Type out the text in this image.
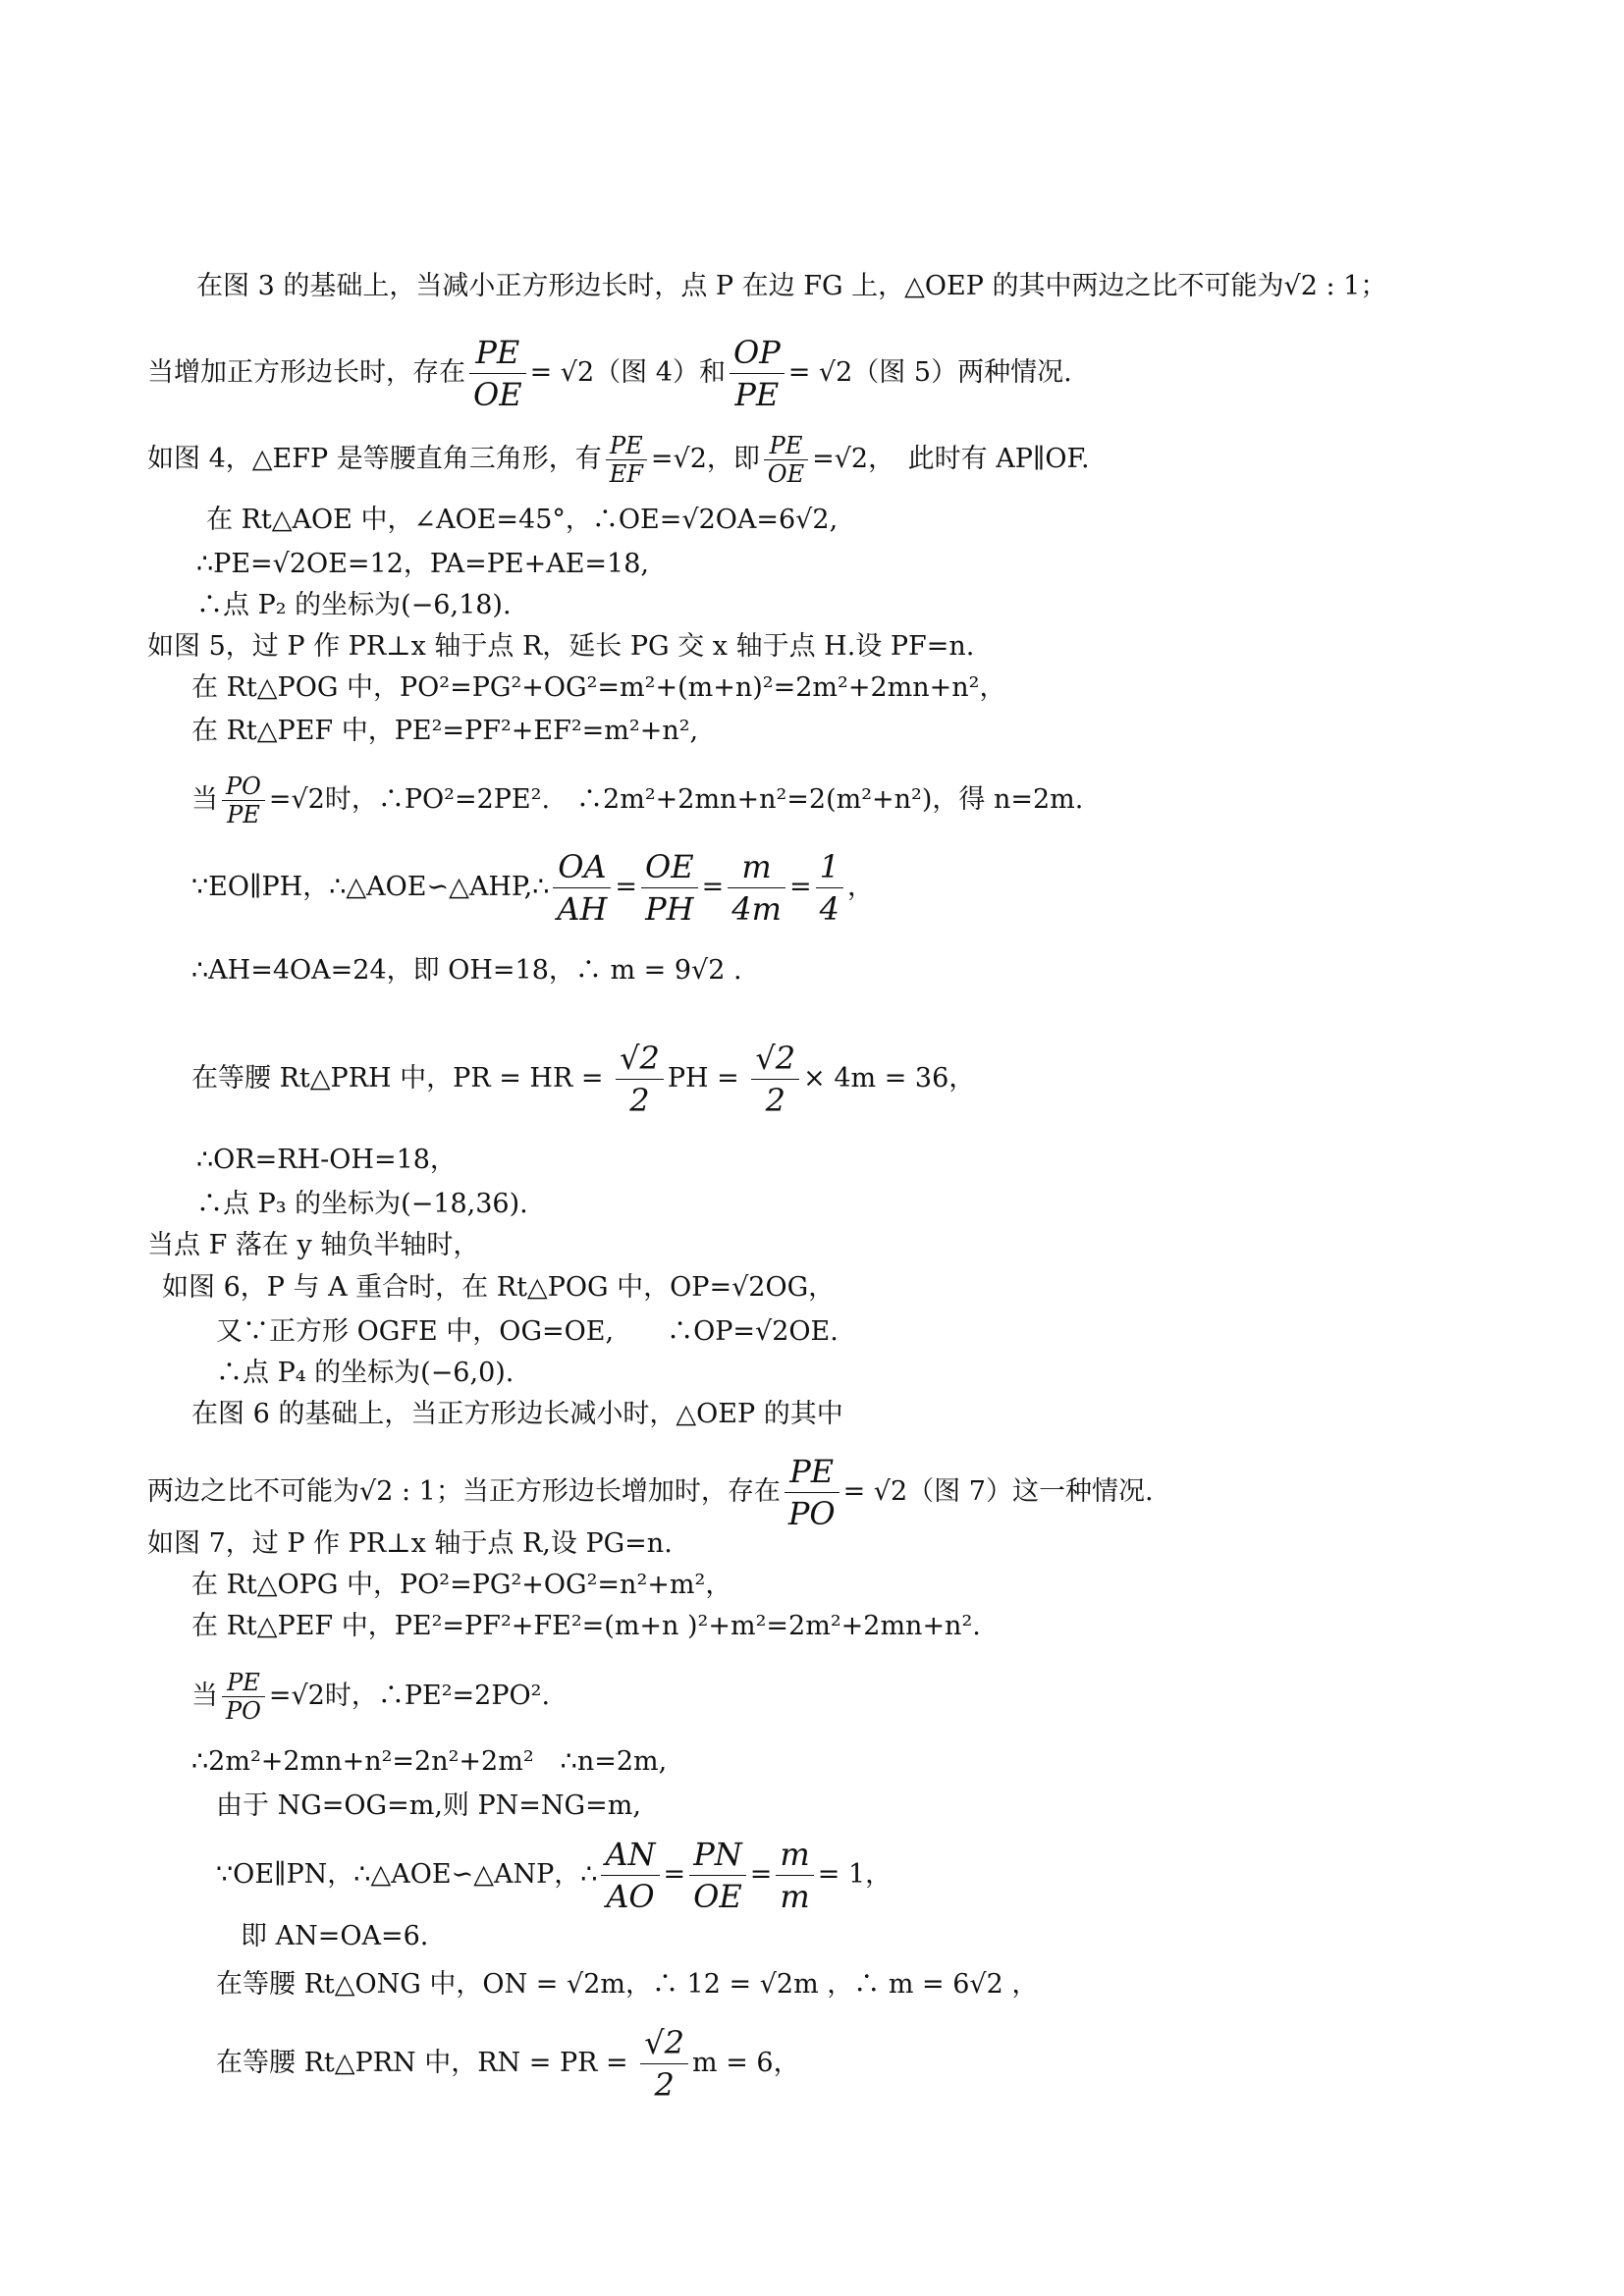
在图 3 的基础上，当减小正方形边长时，点 P 在边 FG 上，△OEP 的其中两边之比不可能为√2 : 1；
当增加正方形边长时，存在 $\frac{PE}{OE} = √2$（图 4）和 $\frac{OP}{PE} = √2$（图 5）两种情况.
如图 4，△EFP 是等腰直角三角形，有 $\frac{PE}{EF} =√2$，即 $\frac{PE}{OE} =√2$，　此时有 AP∥OF.
在 Rt△AOE 中，∠AOE=45°，∴OE=√2OA=6√2,
∴PE=√2OE=12，PA=PE+AE=18,
∴点 P₂ 的坐标为(−6,18).
如图 5，过 P 作 PR⊥x 轴于点 R，延长 PG 交 x 轴于点 H.设 PF=n.
在 Rt△POG 中，PO²=PG²+OG²=m²+(m+n)²=2m²+2mn+n²，
在 Rt△PEF 中，PE²=PF²+EF²=m²+n²,
当 $\frac{PO}{PE} =√2$时，∴PO²=2PE².　∴2m²+2mn+n²=2(m²+n²)，得 n=2m.
∵EO∥PH，∴△AOE∽△AHP,∴ $\frac{OA}{AH} = \frac{OE}{PH} = \frac{m}{4m} = \frac{1}{4}$ ，
∴AH=4OA=24，即 OH=18，∴ m = 9√2 .
在等腰 Rt△PRH 中，PR = HR = $\frac{√2}{2}$ PH = $\frac{√2}{2} \times 4m = 36$，
∴OR=RH-OH=18，
∴点 P₃ 的坐标为(−18,36).
当点 F 落在 y 轴负半轴时，
如图 6，P 与 A 重合时，在 Rt△POG 中，OP=√2OG，
又∵正方形 OGFE 中，OG=OE,　　∴OP=√2OE.
∴点 P₄ 的坐标为(−6,0).
在图 6 的基础上，当正方形边长减小时，△OEP 的其中
两边之比不可能为√2 : 1；当正方形边长增加时，存在 $\frac{PE}{PO} = √2$（图 7）这一种情况.
如图 7，过 P 作 PR⊥x 轴于点 R,设 PG=n.
在 Rt△OPG 中，PO²=PG²+OG²=n²+m²，
在 Rt△PEF 中，PE²=PF²+FE²=(m+n )²+m²=2m²+2mn+n².
当 $\frac{PE}{PO} =√2$时，∴PE²=2PO².
∴2m²+2mn+n²=2n²+2m²　∴n=2m,
由于 NG=OG=m,则 PN=NG=m,
∵OE∥PN，∴△AOE∽△ANP，∴ $\frac{AN}{AO} = \frac{PN}{OE} = \frac{m}{m} = 1$，
即 AN=OA=6.
在等腰 Rt△ONG 中，ON = √2m，∴ 12 = √2m ，∴ m = 6√2 ，
在等腰 Rt△PRN 中，RN = PR = $\frac{√2}{2}$ m = 6，
